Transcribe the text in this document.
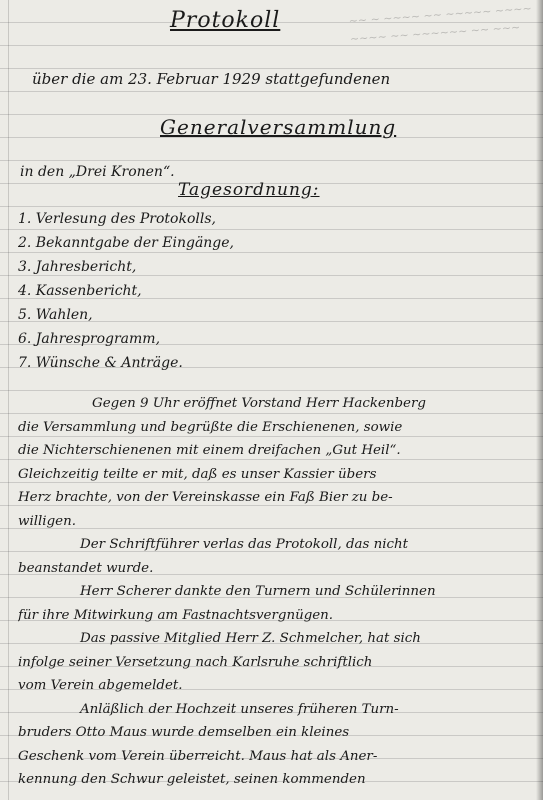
~~ ~ ~~~~ ~~ ~~~~~ ~~~~
~~~~ ~~ ~~~~~~ ~~ ~~~
Protokoll
über die am 23. Februar 1929 stattgefundenen
Generalversammlung
in den „Drei Kronen“.
Tagesordnung:
1. Verlesung des Protokolls,
2. Bekanntgabe der Eingänge,
3. Jahresbericht,
4. Kassenbericht,
5. Wahlen,
6. Jahresprogramm,
7. Wünsche & Anträge.
Gegen 9 Uhr eröffnet Vorstand Herr Hackenberg
die Versammlung und begrüßte die Erschienenen, sowie
die Nichterschienenen mit einem dreifachen „Gut Heil“.
Gleichzeitig teilte er mit, daß es unser Kassier übers
Herz brachte, von der Vereinskasse ein Faß Bier zu be-
willigen.
Der Schriftführer verlas das Protokoll, das nicht
beanstandet wurde.
Herr Scherer dankte den Turnern und Schülerinnen
für ihre Mitwirkung am Fastnachtsvergnügen.
Das passive Mitglied Herr Z. Schmelcher, hat sich
infolge seiner Versetzung nach Karlsruhe schriftlich
vom Verein abgemeldet.
Anläßlich der Hochzeit unseres früheren Turn-
bruders Otto Maus wurde demselben ein kleines
Geschenk vom Verein überreicht. Maus hat als Aner-
kennung den Schwur geleistet, seinen kommenden
